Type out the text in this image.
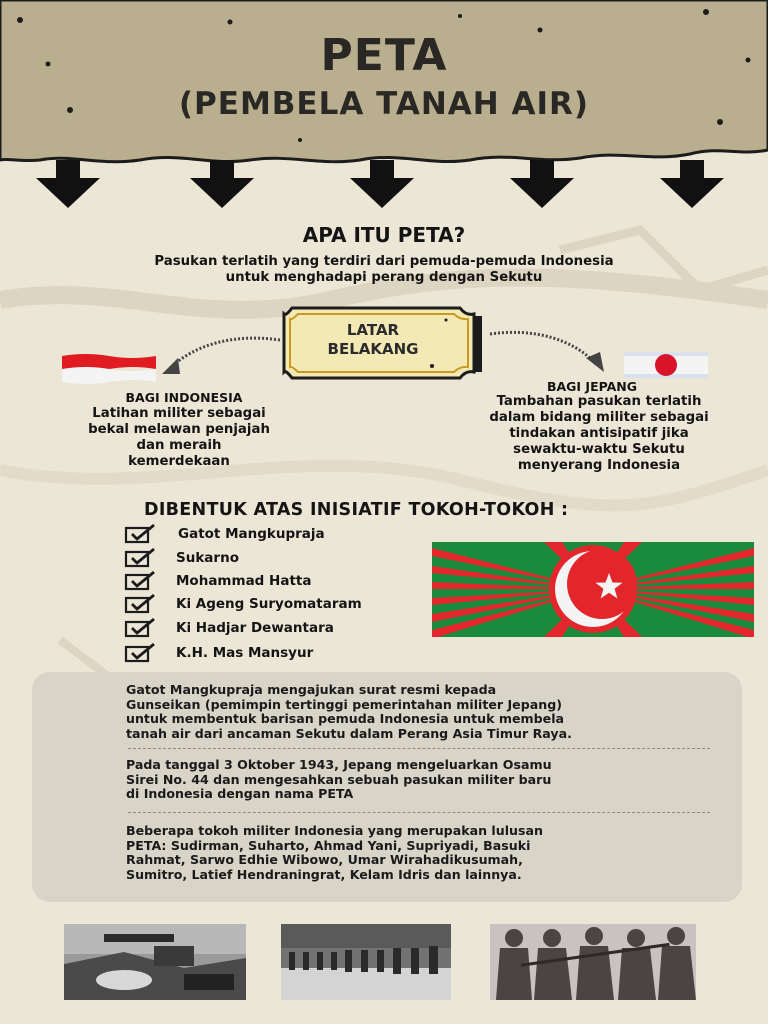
PETA
(PEMBELA TANAH AIR)
APA ITU PETA?
Pasukan terlatih yang terdiri dari pemuda-pemuda Indonesia
untuk menghadapi perang dengan Sekutu
LATAR
BELAKANG
BAGI INDONESIA
Latihan militer sebagai
bekal melawan penjajah
dan meraih
kemerdekaan
BAGI JEPANG
Tambahan pasukan terlatih
dalam bidang militer sebagai
tindakan antisipatif jika
sewaktu-waktu Sekutu
menyerang Indonesia
DIBENTUK ATAS INISIATIF TOKOH-TOKOH :
Gatot Mangkupraja
Sukarno
Mohammad Hatta
Ki Ageng Suryomataram
Ki Hadjar Dewantara
K.H. Mas Mansyur
Gatot Mangkupraja mengajukan surat resmi kepada
Gunseikan (pemimpin tertinggi pemerintahan militer Jepang)
untuk membentuk barisan pemuda Indonesia untuk membela
tanah air dari ancaman Sekutu dalam Perang Asia Timur Raya.
Pada tanggal 3 Oktober 1943, Jepang mengeluarkan Osamu
Sirei No. 44 dan mengesahkan sebuah pasukan militer baru
di Indonesia dengan nama PETA
Beberapa tokoh militer Indonesia yang merupakan lulusan
PETA: Sudirman, Suharto, Ahmad Yani, Supriyadi, Basuki
Rahmat, Sarwo Edhie Wibowo, Umar Wirahadikusumah,
Sumitro, Latief Hendraningrat, Kelam Idris dan lainnya.
